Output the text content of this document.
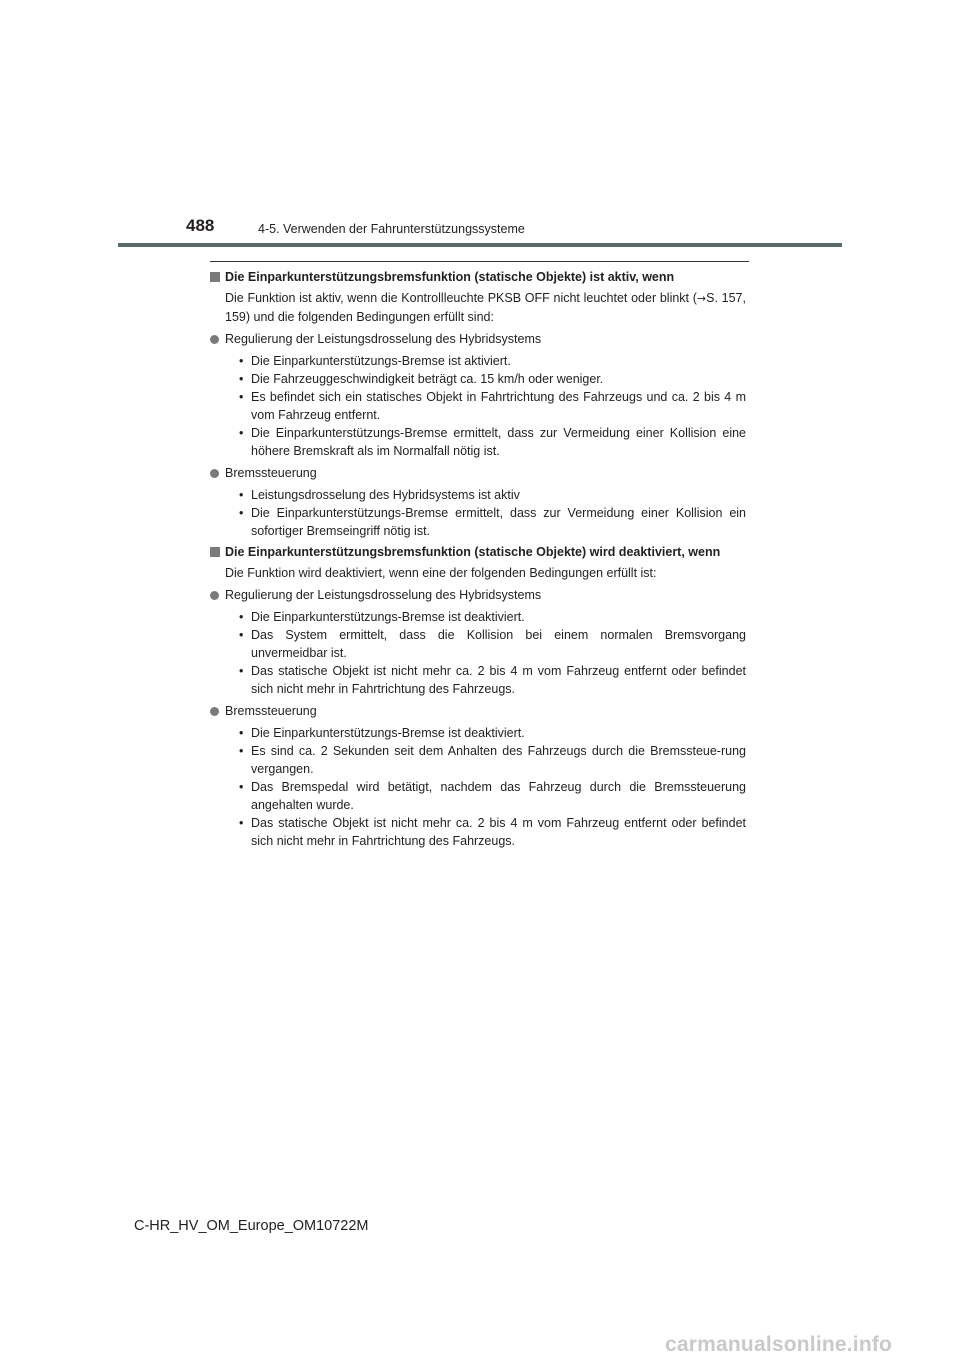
488	4-5. Verwenden der Fahrunterstützungssysteme
Die Einparkunterstützungsbremsfunktion (statische Objekte) ist aktiv, wenn
Die Funktion ist aktiv, wenn die Kontrollleuchte PKSB OFF nicht leuchtet oder blinkt (→S. 157, 159) und die folgenden Bedingungen erfüllt sind:
Regulierung der Leistungsdrosselung des Hybridsystems
• Die Einparkunterstützungs-Bremse ist aktiviert.
• Die Fahrzeuggeschwindigkeit beträgt ca. 15 km/h oder weniger.
• Es befindet sich ein statisches Objekt in Fahrtrichtung des Fahrzeugs und ca. 2 bis 4 m vom Fahrzeug entfernt.
• Die Einparkunterstützungs-Bremse ermittelt, dass zur Vermeidung einer Kollision eine höhere Bremskraft als im Normalfall nötig ist.
Bremssteuerung
• Leistungsdrosselung des Hybridsystems ist aktiv
• Die Einparkunterstützungs-Bremse ermittelt, dass zur Vermeidung einer Kollision ein sofortiger Bremseingriff nötig ist.
Die Einparkunterstützungsbremsfunktion (statische Objekte) wird deaktiviert, wenn
Die Funktion wird deaktiviert, wenn eine der folgenden Bedingungen erfüllt ist:
Regulierung der Leistungsdrosselung des Hybridsystems
• Die Einparkunterstützungs-Bremse ist deaktiviert.
• Das System ermittelt, dass die Kollision bei einem normalen Bremsvorgang unvermeidbar ist.
• Das statische Objekt ist nicht mehr ca. 2 bis 4 m vom Fahrzeug entfernt oder befindet sich nicht mehr in Fahrtrichtung des Fahrzeugs.
Bremssteuerung
• Die Einparkunterstützungs-Bremse ist deaktiviert.
• Es sind ca. 2 Sekunden seit dem Anhalten des Fahrzeugs durch die Bremssteue-rung vergangen.
• Das Bremspedal wird betätigt, nachdem das Fahrzeug durch die Bremssteuerung angehalten wurde.
• Das statische Objekt ist nicht mehr ca. 2 bis 4 m vom Fahrzeug entfernt oder befindet sich nicht mehr in Fahrtrichtung des Fahrzeugs.
C-HR_HV_OM_Europe_OM10722M
carmanualsonline.info
